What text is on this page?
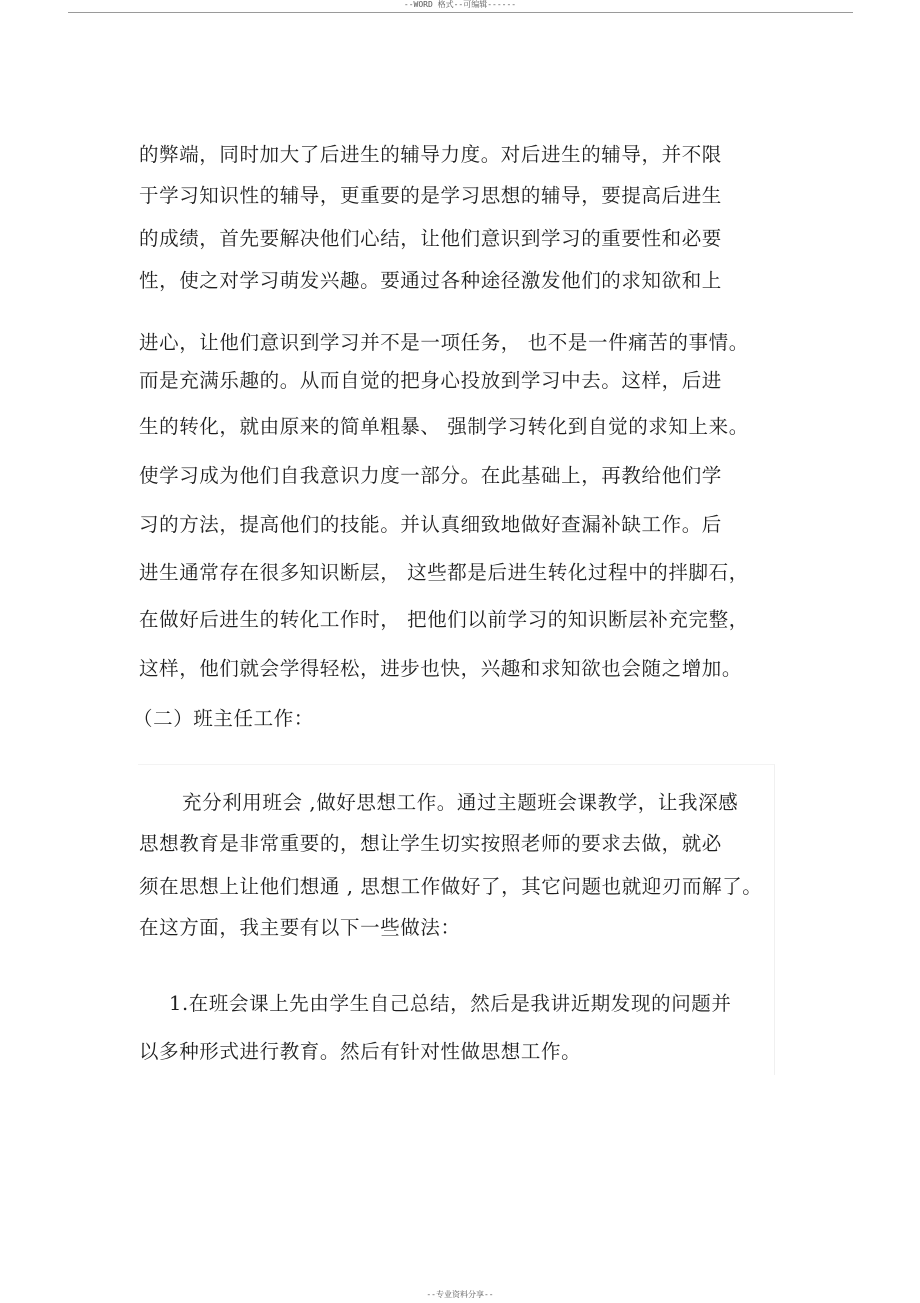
--WORD 格式--可编辑------
的弊端，同时加大了后进生的辅导力度。对后进生的辅导，并不限
于学习知识性的辅导，更重要的是学习思想的辅导，要提高后进生
的成绩，首先要解决他们心结，让他们意识到学习的重要性和必要
性，使之对学习萌发兴趣。要通过各种途径激发他们的求知欲和上
进心，让他们意识到学习并不是一项任务， 也不是一件痛苦的事情。
而是充满乐趣的。从而自觉的把身心投放到学习中去。这样，后进
生的转化，就由原来的简单粗暴、 强制学习转化到自觉的求知上来。
使学习成为他们自我意识力度一部分。在此基础上，再教给他们学
习的方法，提高他们的技能。并认真细致地做好查漏补缺工作。后
进生通常存在很多知识断层， 这些都是后进生转化过程中的拌脚石，
在做好后进生的转化工作时， 把他们以前学习的知识断层补充完整，
这样，他们就会学得轻松，进步也快，兴趣和求知欲也会随之增加。
（二）班主任工作：
充分利用班会 ,做好思想工作。通过主题班会课教学，让我深感
思想教育是非常重要的，想让学生切实按照老师的要求去做，就必
须在思想上让他们想通 , 思想工作做好了，其它问题也就迎刃而解了。
在这方面，我主要有以下一些做法：
1.在班会课上先由学生自己总结，然后是我讲近期发现的问题并
以多种形式进行教育。然后有针对性做思想工作。
--专业资料分享--
